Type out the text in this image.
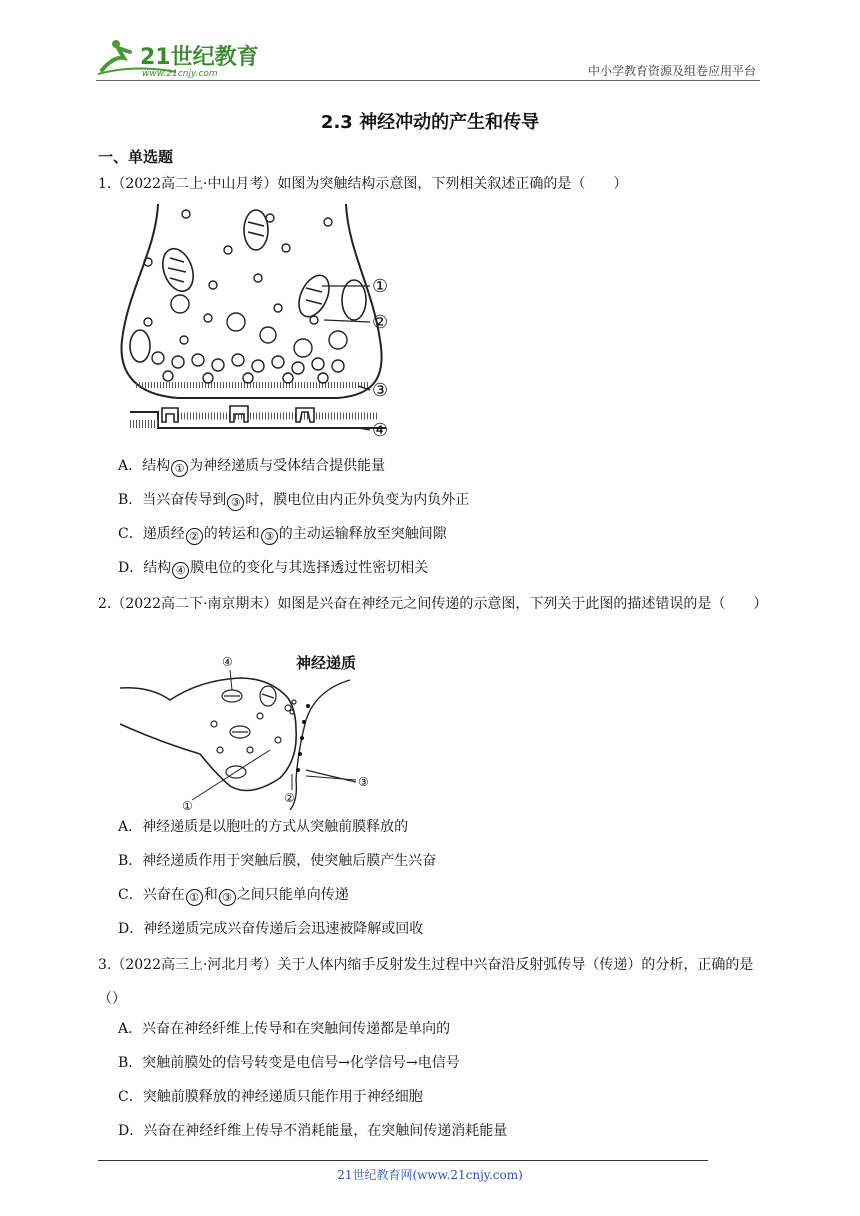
21世纪教育
www.21cnjy.com	中小学教育资源及组卷应用平台
2.3 神经冲动的产生和传导
一、单选题
1.（2022高二上·中山月考）如图为突触结构示意图，下列相关叙述正确的是（　　）
①
②
③
④
A．结构 ① 为神经递质与受体结合提供能量
B．当兴奋传导到 ③ 时，膜电位由内正外负变为内负外正
C．递质经 ② 的转运和 ③ 的主动运输释放至突触间隙
D．结构 ④ 膜电位的变化与其选择透过性密切相关
2.（2022高二下·南京期末）如图是兴奋在神经元之间传递的示意图，下列关于此图的描述错误的是（　　）
神经递质
④
①
②
③
A．神经递质是以胞吐的方式从突触前膜释放的
B．神经递质作用于突触后膜，使突触后膜产生兴奋
C．兴奋在 ① 和 ③ 之间只能单向传递
D．神经递质完成兴奋传递后会迅速被降解或回收
3.（2022高三上·河北月考）关于人体内缩手反射发生过程中兴奋沿反射弧传导（传递）的分析，正确的是（）
A．兴奋在神经纤维上传导和在突触间传递都是单向的
B．突触前膜处的信号转变是电信号→化学信号→电信号
C．突触前膜释放的神经递质只能作用于神经细胞
D．兴奋在神经纤维上传导不消耗能量，在突触间传递消耗能量
21世纪教育网(www.21cnjy.com)
